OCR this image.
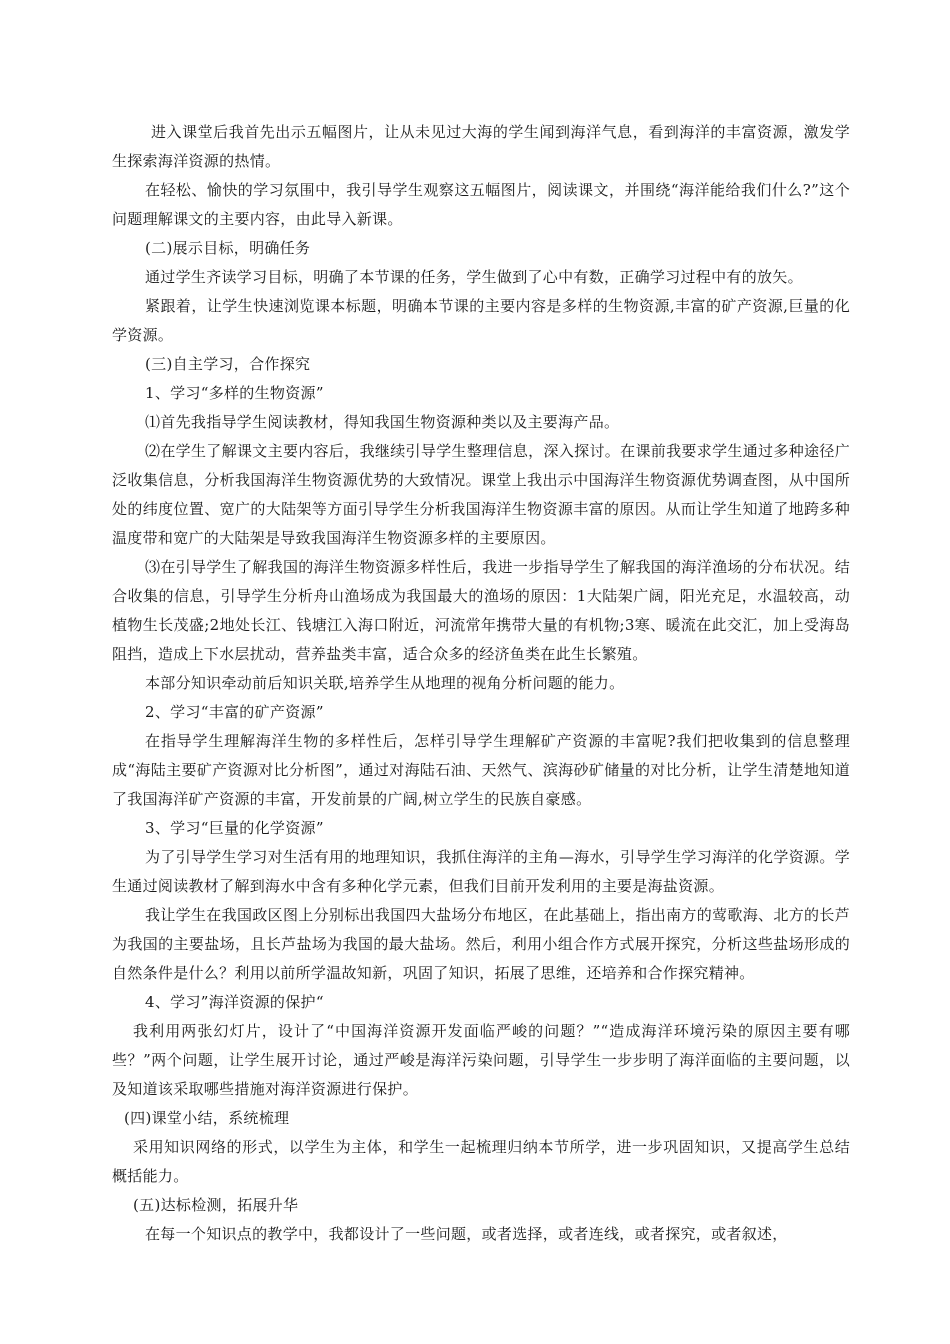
进入课堂后我首先出示五幅图片，让从未见过大海的学生闻到海洋气息，看到海洋的丰富资源，激发学生探索海洋资源的热情。

在轻松、愉快的学习氛围中，我引导学生观察这五幅图片，阅读课文，并围绕“海洋能给我们什么?”这个问题理解课文的主要内容，由此导入新课。

(二)展示目标，明确任务

通过学生齐读学习目标，明确了本节课的任务，学生做到了心中有数，正确学习过程中有的放矢。

紧跟着，让学生快速浏览课本标题，明确本节课的主要内容是多样的生物资源,丰富的矿产资源,巨量的化学资源。

(三)自主学习，合作探究

1、学习“多样的生物资源”

⑴首先我指导学生阅读教材，得知我国生物资源种类以及主要海产品。

⑵在学生了解课文主要内容后，我继续引导学生整理信息，深入探讨。在课前我要求学生通过多种途径广泛收集信息，分析我国海洋生物资源优势的大致情况。课堂上我出示中国海洋生物资源优势调查图，从中国所处的纬度位置、宽广的大陆架等方面引导学生分析我国海洋生物资源丰富的原因。从而让学生知道了地跨多种温度带和宽广的大陆架是导致我国海洋生物资源多样的主要原因。

⑶在引导学生了解我国的海洋生物资源多样性后，我进一步指导学生了解我国的海洋渔场的分布状况。结合收集的信息，引导学生分析舟山渔场成为我国最大的渔场的原因：1大陆架广阔，阳光充足，水温较高，动植物生长茂盛;2地处长江、钱塘江入海口附近，河流常年携带大量的有机物;3寒、暖流在此交汇，加上受海岛阻挡，造成上下水层扰动，营养盐类丰富，适合众多的经济鱼类在此生长繁殖。

本部分知识牵动前后知识关联,培养学生从地理的视角分析问题的能力。

2、学习“丰富的矿产资源”

在指导学生理解海洋生物的多样性后，怎样引导学生理解矿产资源的丰富呢?我们把收集到的信息整理成“海陆主要矿产资源对比分析图”，通过对海陆石油、天然气、滨海砂矿储量的对比分析，让学生清楚地知道了我国海洋矿产资源的丰富，开发前景的广阔,树立学生的民族自豪感。

3、学习“巨量的化学资源”

为了引导学生学习对生活有用的地理知识，我抓住海洋的主角—海水，引导学生学习海洋的化学资源。学生通过阅读教材了解到海水中含有多种化学元素，但我们目前开发利用的主要是海盐资源。

我让学生在我国政区图上分别标出我国四大盐场分布地区，在此基础上，指出南方的莺歌海、北方的长芦为我国的主要盐场，且长芦盐场为我国的最大盐场。然后，利用小组合作方式展开探究，分析这些盐场形成的自然条件是什么？利用以前所学温故知新，巩固了知识，拓展了思维，还培养和合作探究精神。

4、学习”海洋资源的保护“

我利用两张幻灯片，设计了“中国海洋资源开发面临严峻的问题？”“造成海洋环境污染的原因主要有哪些？”两个问题，让学生展开讨论，通过严峻是海洋污染问题，引导学生一步步明了海洋面临的主要问题，以及知道该采取哪些措施对海洋资源进行保护。

(四)课堂小结，系统梳理

采用知识网络的形式，以学生为主体，和学生一起梳理归纳本节所学，进一步巩固知识，又提高学生总结概括能力。

(五)达标检测，拓展升华

在每一个知识点的教学中，我都设计了一些问题，或者选择，或者连线，或者探究，或者叙述，
